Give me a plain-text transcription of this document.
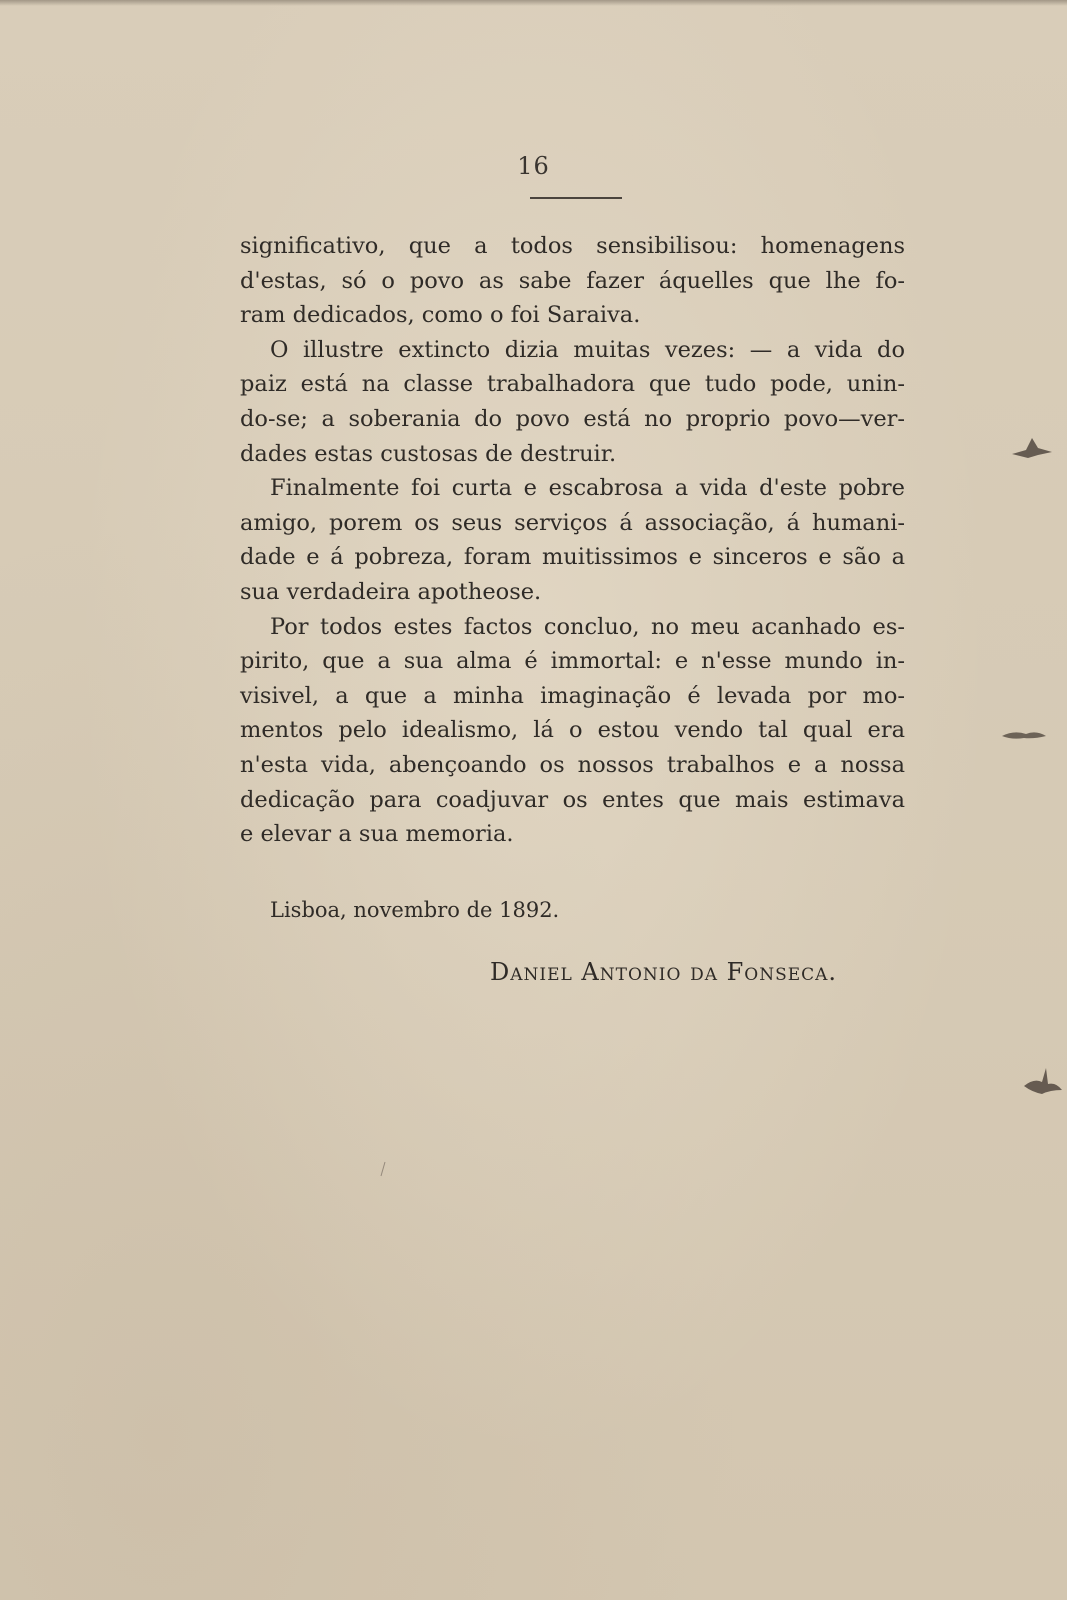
16
significativo, que a todos sensibilisou: homenagens
d'estas, só o povo as sabe fazer áquelles que lhe fo-
ram dedicados, como o foi Saraiva.
O illustre extincto dizia muitas vezes: — a vida do
paiz está na classe trabalhadora que tudo pode, unin-
do-se; a soberania do povo está no proprio povo—ver-
dades estas custosas de destruir.
Finalmente foi curta e escabrosa a vida d'este pobre
amigo, porem os seus serviços á associação, á humani-
dade e á pobreza, foram muitissimos e sinceros e são a
sua verdadeira apotheose.
Por todos estes factos concluo, no meu acanhado es-
pirito, que a sua alma é immortal: e n'esse mundo in-
visivel, a que a minha imaginação é levada por mo-
mentos pelo idealismo, lá o estou vendo tal qual era
n'esta vida, abençoando os nossos trabalhos e a nossa
dedicação para coadjuvar os entes que mais estimava
e elevar a sua memoria.
Lisboa, novembro de 1892.
Daniel Antonio da Fonseca.
